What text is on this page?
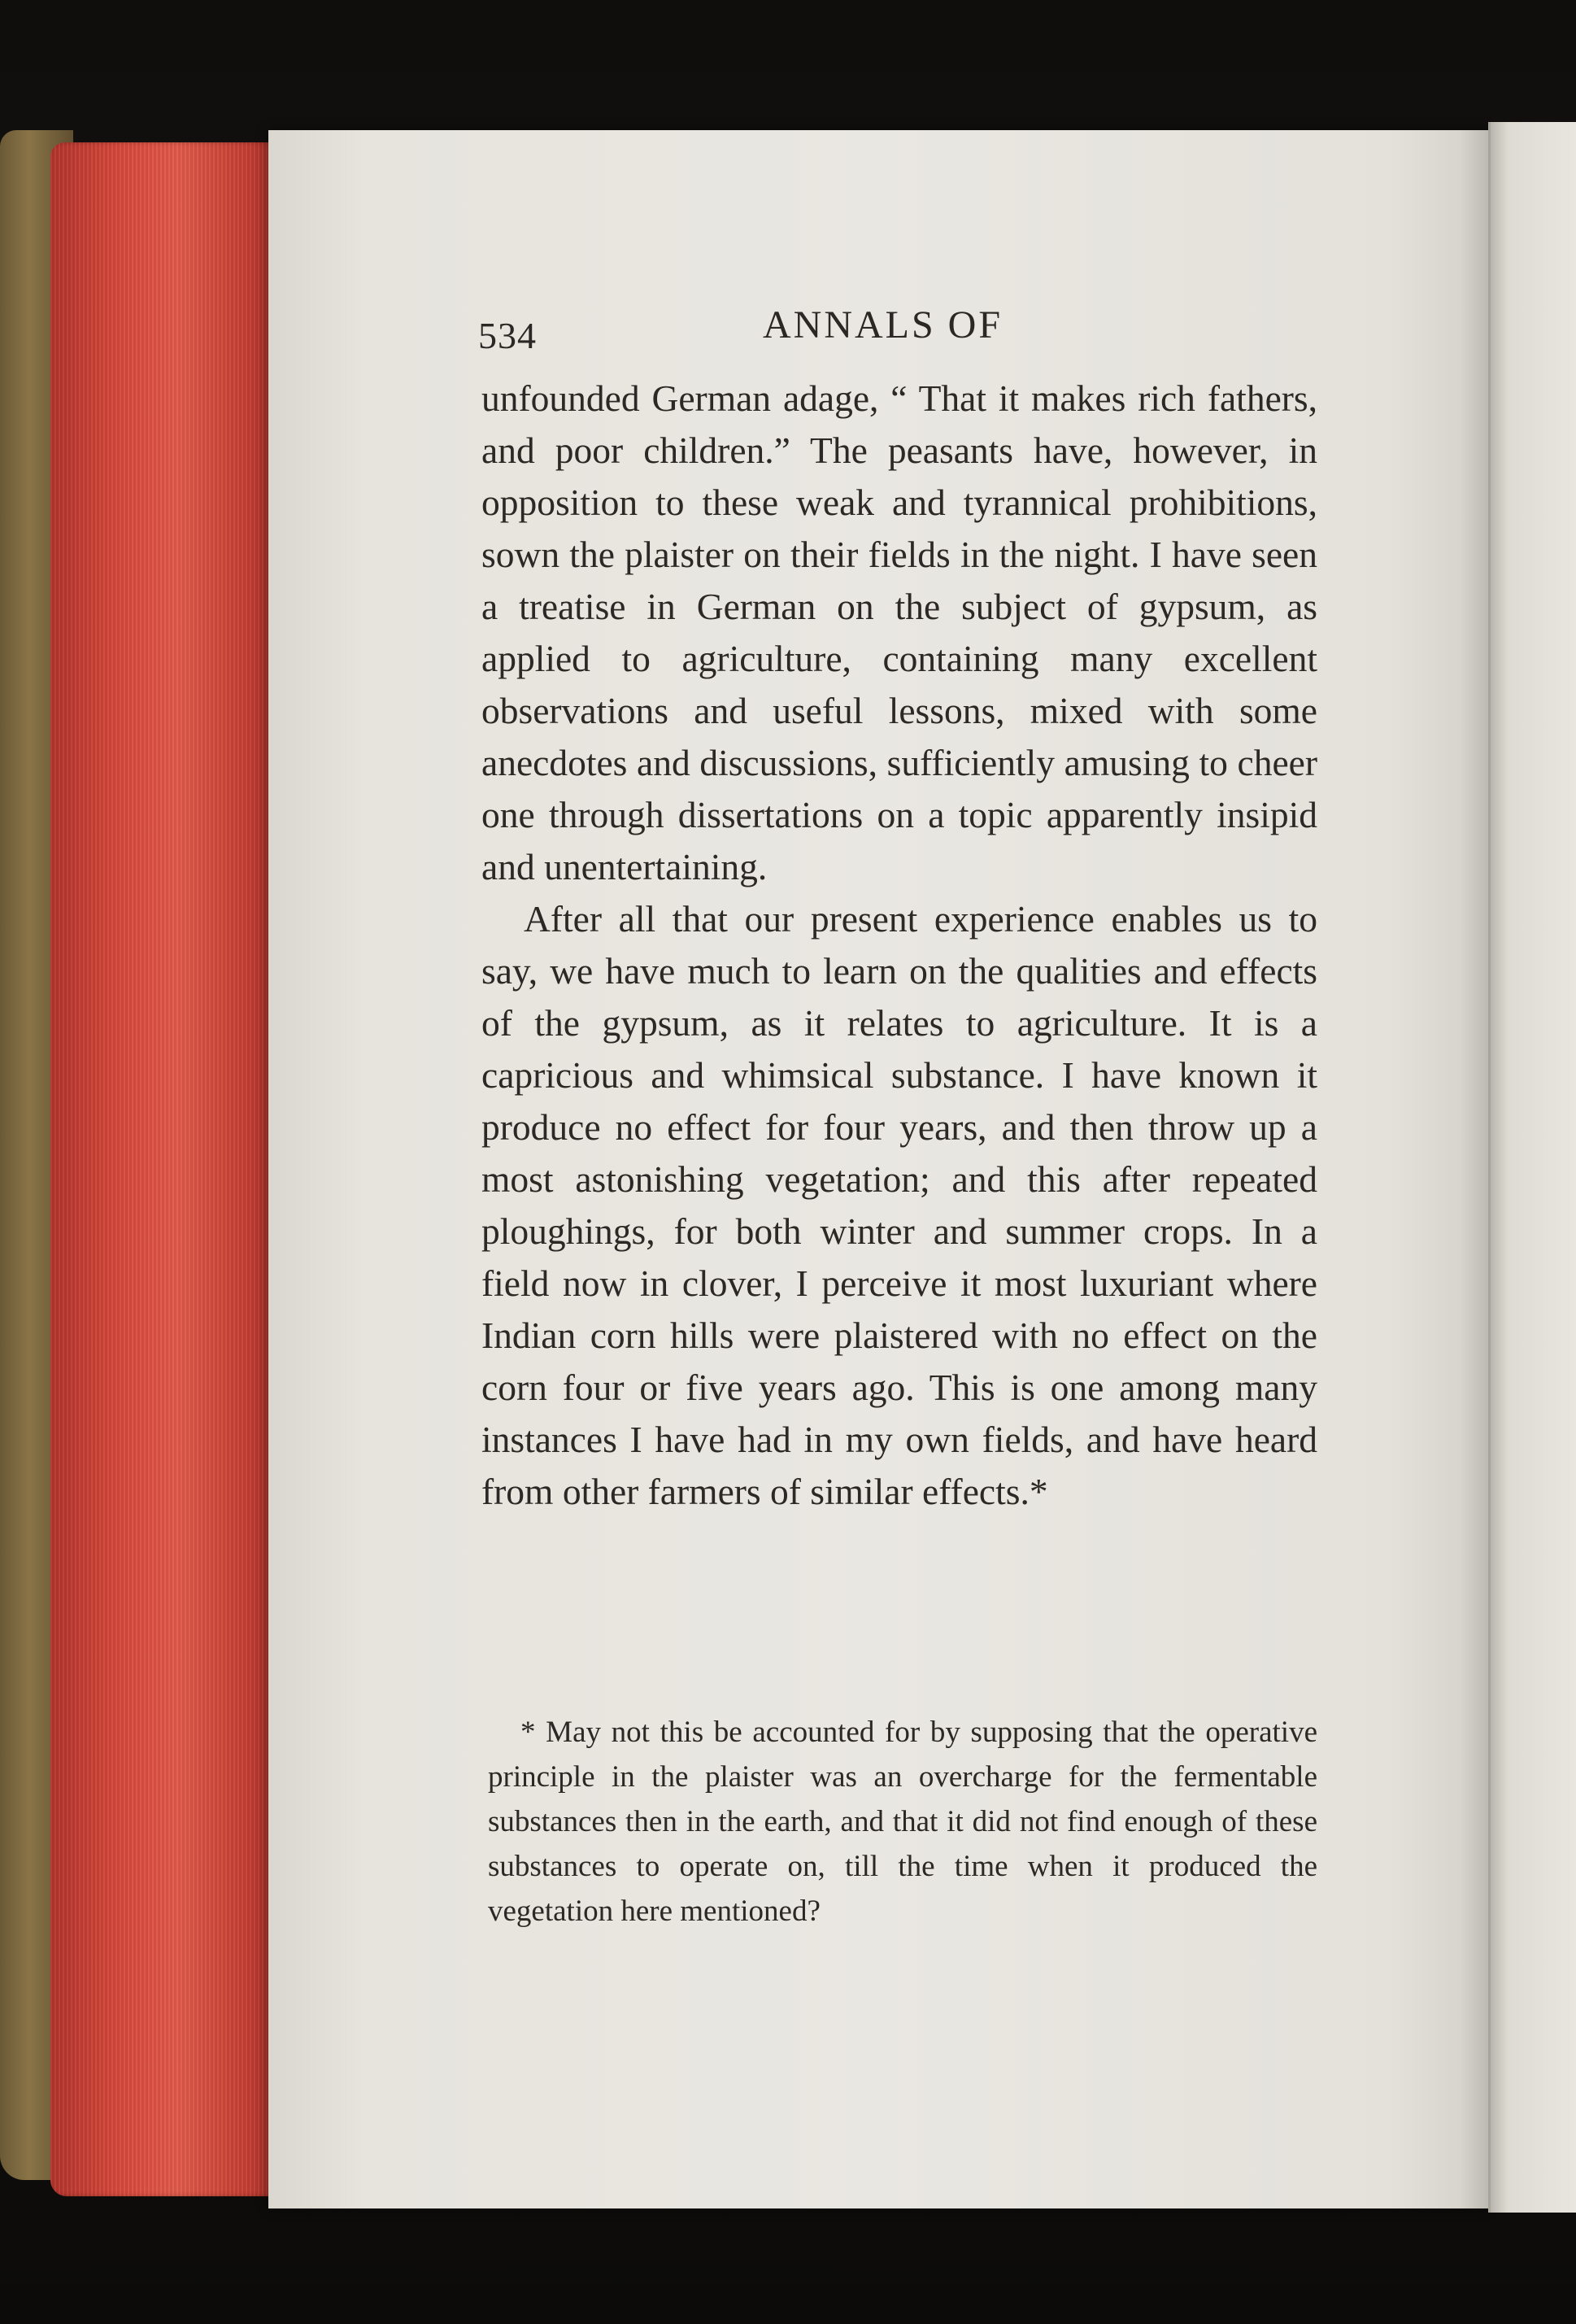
534	ANNALS OF

unfounded German adage, “ That it makes rich fathers, and poor children.” The peasants have, however, in opposition to these weak and tyrannical prohibitions, sown the plaister on their fields in the night. I have seen a treatise in German on the subject of gypsum, as applied to agriculture, containing many excellent observations and useful lessons, mixed with some anecdotes and discussions, sufficiently amusing to cheer one through dissertations on a topic apparently insipid and unentertaining.

After all that our present experience enables us to say, we have much to learn on the qualities and effects of the gypsum, as it relates to agriculture. It is a capricious and whimsical substance. I have known it produce no effect for four years, and then throw up a most astonishing vegetation; and this after repeated ploughings, for both winter and summer crops. In a field now in clover, I perceive it most luxuriant where Indian corn hills were plaistered with no effect on the corn four or five years ago. This is one among many instances I have had in my own fields, and have heard from other farmers of similar effects.*

* May not this be accounted for by supposing that the operative principle in the plaister was an overcharge for the fermentable substances then in the earth, and that it did not find enough of these substances to operate on, till the time when it produced the vegetation here mentioned?
